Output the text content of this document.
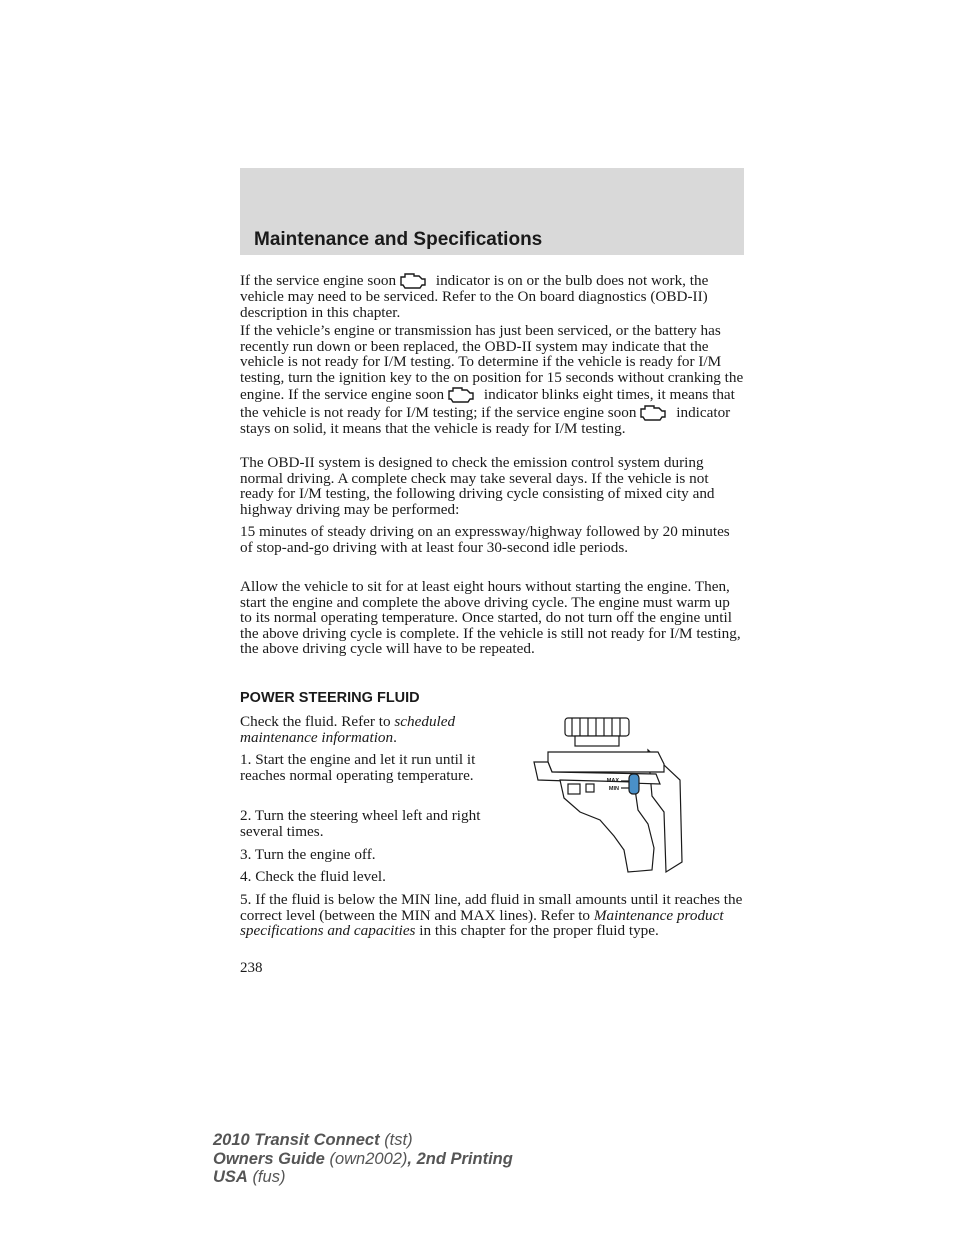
Maintenance and Specifications

If the service engine soon	indicator is on or the bulb does not work, the vehicle may need to be serviced. Refer to the On board diagnostics (OBD-II) description in this chapter.

If the vehicle’s engine or transmission has just been serviced, or the battery has recently run down or been replaced, the OBD-II system may indicate that the vehicle is not ready for I/M testing. To determine if the vehicle is ready for I/M testing, turn the ignition key to the on position for 15 seconds without cranking the engine. If the service engine soon	indicator blinks eight times, it means that the vehicle is not ready for I/M testing; if the service engine soon	indicator stays on solid, it means that the vehicle is ready for I/M testing.

The OBD-II system is designed to check the emission control system during normal driving. A complete check may take several days. If the vehicle is not ready for I/M testing, the following driving cycle consisting of mixed city and highway driving may be performed:

15 minutes of steady driving on an expressway/highway followed by 20 minutes of stop-and-go driving with at least four 30-second idle periods.

Allow the vehicle to sit for at least eight hours without starting the engine. Then, start the engine and complete the above driving cycle. The engine must warm up to its normal operating temperature. Once started, do not turn off the engine until the above driving cycle is complete. If the vehicle is still not ready for I/M testing, the above driving cycle will have to be repeated.

POWER STEERING FLUID

Check the fluid. Refer to scheduled maintenance information.

1. Start the engine and let it run until it reaches normal operating temperature.

2. Turn the steering wheel left and right several times.

3. Turn the engine off.

4. Check the fluid level.

5. If the fluid is below the MIN line, add fluid in small amounts until it reaches the correct level (between the MIN and MAX lines). Refer to Maintenance product specifications and capacities in this chapter for the proper fluid type.

MAX
MIN
238
2010 Transit Connect (tst)
Owners Guide (own2002), 2nd Printing
USA (fus)
